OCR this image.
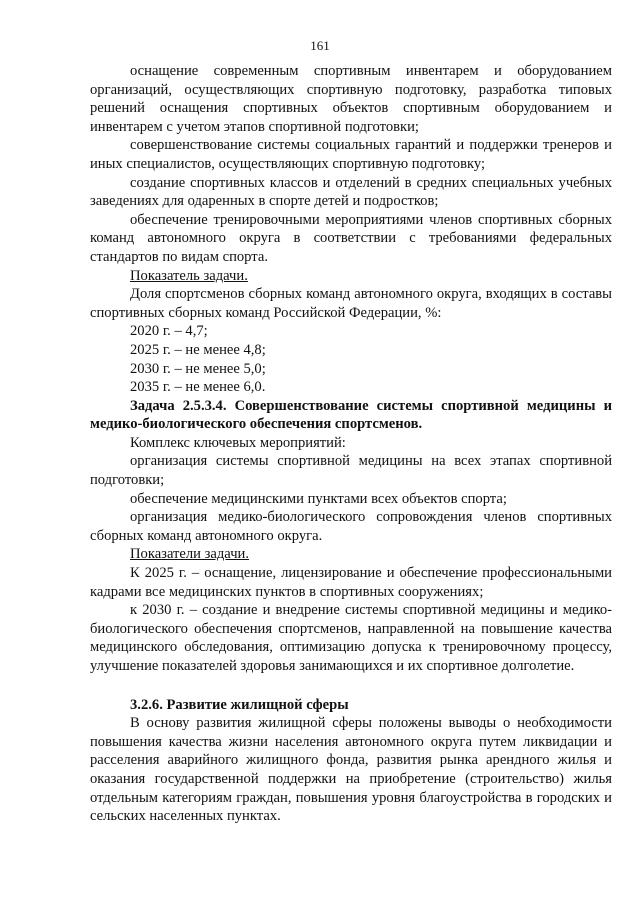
161

оснащение современным спортивным инвентарем и оборудованием организаций, осуществляющих спортивную подготовку, разработка типовых решений оснащения спортивных объектов спортивным оборудованием и инвентарем с учетом этапов спортивной подготовки;

совершенствование системы социальных гарантий и поддержки тренеров и иных специалистов, осуществляющих спортивную подготовку;

создание спортивных классов и отделений в средних специальных учебных заведениях для одаренных в спорте детей и подростков;

обеспечение тренировочными мероприятиями членов спортивных сборных команд автономного округа в соответствии с требованиями федеральных стандартов по видам спорта.

Показатель задачи.

Доля спортсменов сборных команд автономного округа, входящих в составы спортивных сборных команд Российской Федерации, %:

2020 г. – 4,7;

2025 г. – не менее 4,8;

2030 г. – не менее 5,0;

2035 г. – не менее 6,0.

Задача 2.5.3.4. Совершенствование системы спортивной медицины и медико-биологического обеспечения спортсменов.

Комплекс ключевых мероприятий:

организация системы спортивной медицины на всех этапах спортивной подготовки;

обеспечение медицинскими пунктами всех объектов спорта;

организация медико-биологического сопровождения членов спортивных сборных команд автономного округа.

Показатели задачи.

К 2025 г. – оснащение, лицензирование и обеспечение профессиональными кадрами все медицинских пунктов в спортивных сооружениях;

к 2030 г. – создание и внедрение системы спортивной медицины и медико-биологического обеспечения спортсменов, направленной на повышение качества медицинского обследования, оптимизацию допуска к тренировочному процессу, улучшение показателей здоровья занимающихся и их спортивное долголетие.

3.2.6. Развитие жилищной сферы

В основу развития жилищной сферы положены выводы о необходимости повышения качества жизни населения автономного округа путем ликвидации и расселения аварийного жилищного фонда, развития рынка арендного жилья и оказания государственной поддержки на приобретение (строительство) жилья отдельным категориям граждан, повышения уровня благоустройства в городских и сельских населенных пунктах.
